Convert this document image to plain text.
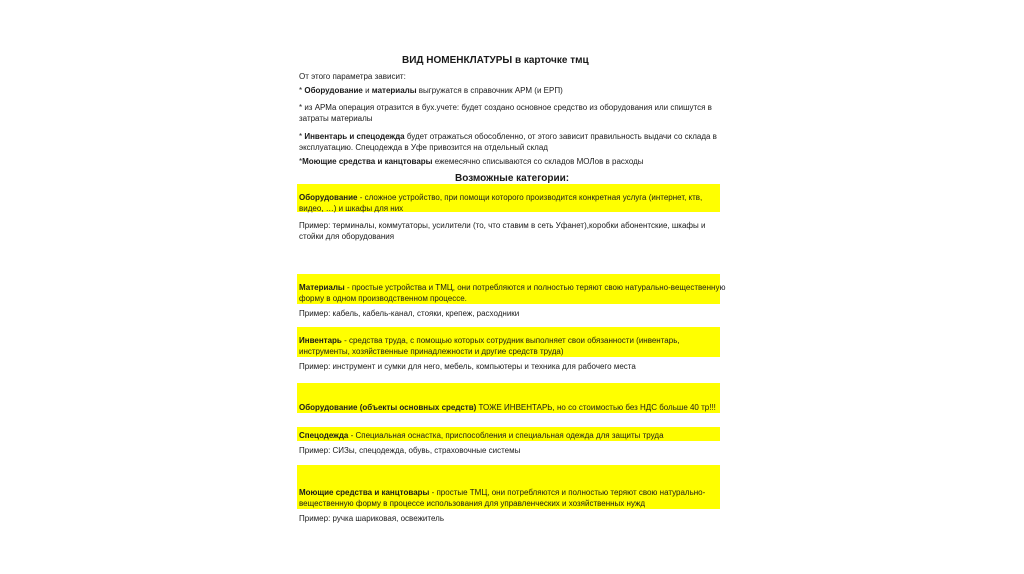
ВИД НОМЕНКЛАТУРЫ в карточке тмц
От этого параметра зависит:
* Оборудование и материалы выгружатся в справочник АРМ (и ЕРП)
* из АРМа операция отразится в бух.учете: будет создано основное средство из оборудования или спишутся в
затраты материалы
* Инвентарь и спецодежда будет отражаться обособленно, от этого зависит правильность выдачи со склада в
эксплуатацию. Спецодежда в Уфе привозится на отдельный склад
*Моющие средства и канцтовары ежемесячно списываются со складов МОЛов в расходы
Возможные категории:
Оборудование - сложное устройство, при помощи которого производится конкретная услуга (интернет, ктв,
видео, …) и шкафы для них
Пример: терминалы, коммутаторы, усилители (то, что ставим в сеть Уфанет),коробки абонентские, шкафы и
стойки для оборудования
Материалы - простые устройства и ТМЦ, они потребляются и полностью теряют свою натурально-вещественную
форму в одном производственном процессе.
Пример: кабель, кабель-канал, стояки, крепеж, расходники
Инвентарь - средства труда, с помощью которых сотрудник выполняет свои обязанности (инвентарь,
инструменты, хозяйственные принадлежности и другие средств труда)
Пример: инструмент и сумки для него, мебель, компьютеры и техника для рабочего места
Оборудование (объекты основных средств) ТОЖЕ ИНВЕНТАРЬ, но со стоимостью без НДС больше 40 тр!!!
Спецодежда - Специальная оснастка, приспособления и специальная одежда для защиты труда
Пример: СИЗы, спецодежда, обувь, страховочные системы
Моющие средства и канцтовары - простые ТМЦ, они потребляются и полностью теряют свою натурально-
вещественную форму в процессе использования для управленческих и хозяйственных нужд
Пример: ручка шариковая, освежитель
